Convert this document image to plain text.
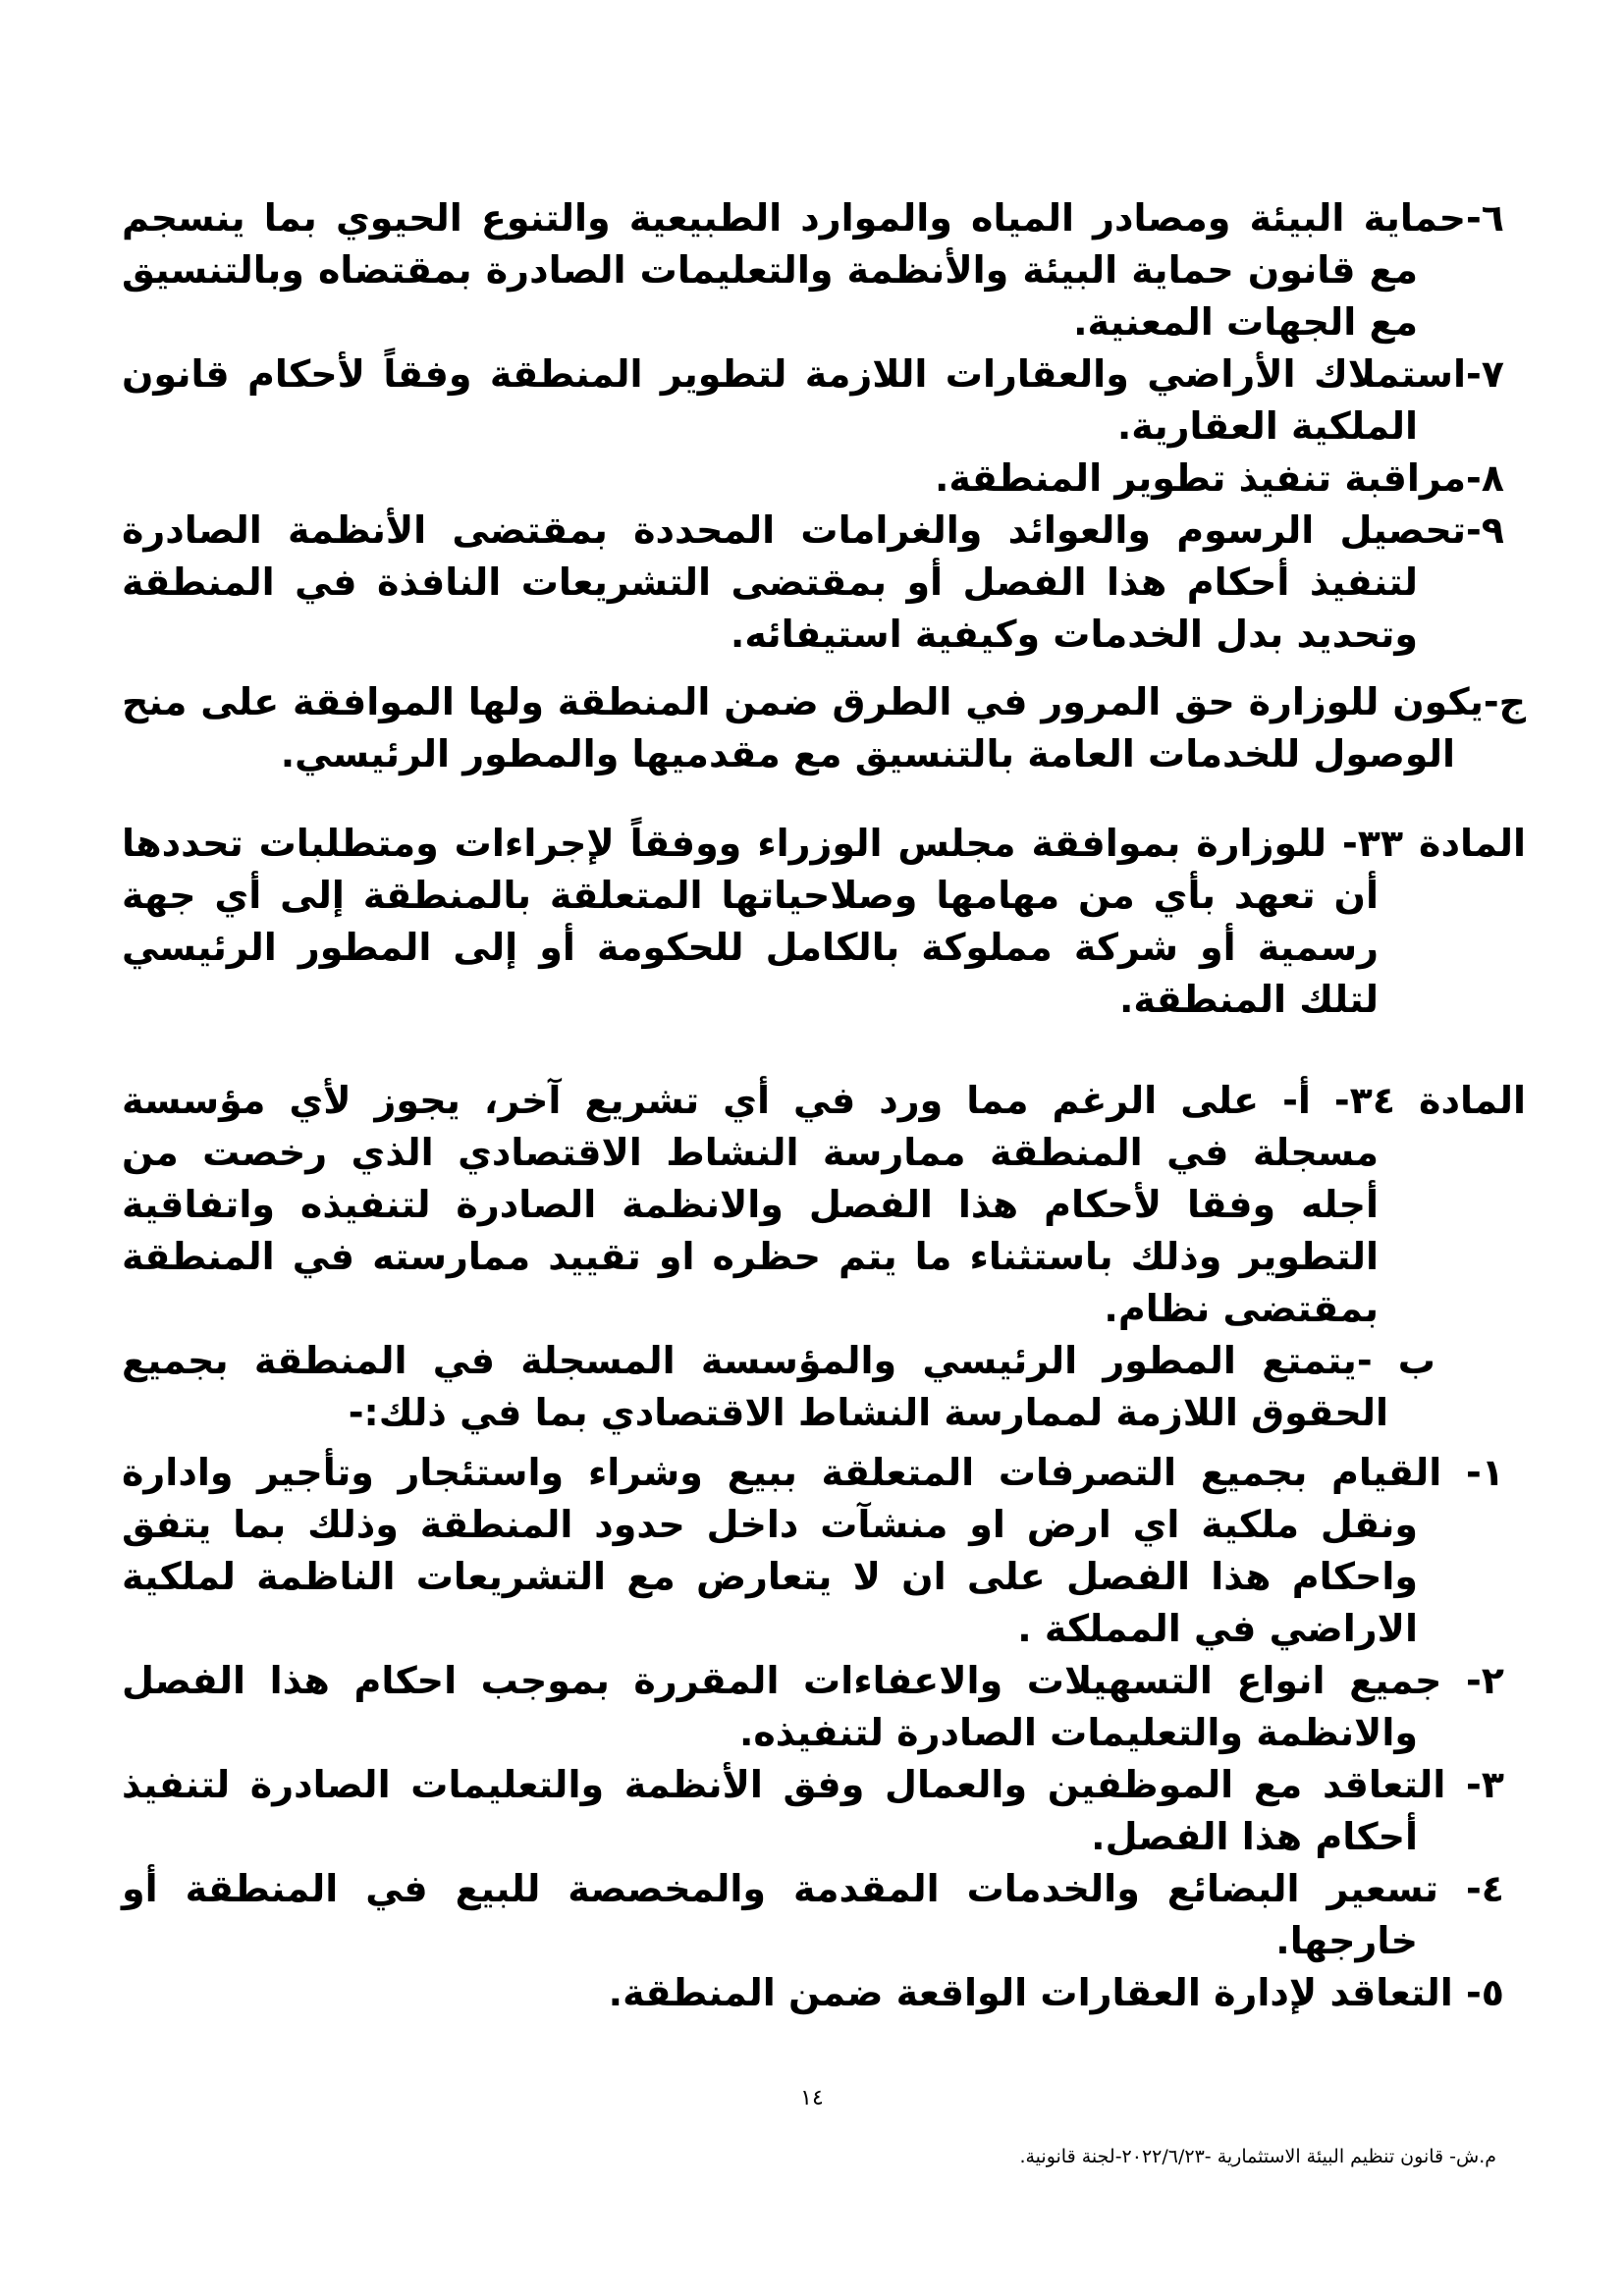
٦-حماية البيئة ومصادر المياه والموارد الطبيعية والتنوع الحيوي بما ينسجم مع قانون حماية البيئة والأنظمة والتعليمات الصادرة بمقتضاه وبالتنسيق مع الجهات المعنية.

٧-استملاك الأراضي والعقارات اللازمة لتطوير المنطقة وفقاً لأحكام قانون الملكية العقارية.

٨-مراقبة تنفيذ تطوير المنطقة.

٩-تحصيل الرسوم والعوائد والغرامات المحددة بمقتضى الأنظمة الصادرة لتنفيذ أحكام هذا الفصل أو بمقتضى التشريعات النافذة في المنطقة وتحديد بدل الخدمات وكيفية استيفائه.

ج-يكون للوزارة حق المرور في الطرق ضمن المنطقة ولها الموافقة على منح الوصول للخدمات العامة بالتنسيق مع مقدميها والمطور الرئيسي.

المادة ٣٣- للوزارة بموافقة مجلس الوزراء ووفقاً لإجراءات ومتطلبات تحددها أن تعهد بأي من مهامها وصلاحياتها المتعلقة بالمنطقة إلى أي جهة رسمية أو شركة مملوكة بالكامل للحكومة أو إلى المطور الرئيسي لتلك المنطقة.

المادة ٣٤- أ- على الرغم مما ورد في أي تشريع آخر، يجوز لأي مؤسسة مسجلة في المنطقة ممارسة النشاط الاقتصادي الذي رخصت من أجله وفقا لأحكام هذا الفصل والانظمة الصادرة لتنفيذه واتفاقية التطوير وذلك باستثناء ما يتم حظره او تقييد ممارسته في المنطقة بمقتضى نظام.

ب -يتمتع المطور الرئيسي والمؤسسة المسجلة في المنطقة بجميع الحقوق اللازمة لممارسة النشاط الاقتصادي بما في ذلك:-

١- القيام بجميع التصرفات المتعلقة ببيع وشراء واستئجار وتأجير وادارة ونقل ملكية اي ارض او منشآت داخل حدود المنطقة وذلك بما يتفق واحكام هذا الفصل على ان لا يتعارض مع التشريعات الناظمة لملكية الاراضي في المملكة .

٢- جميع انواع التسهيلات والاعفاءات المقررة بموجب احكام هذا الفصل والانظمة والتعليمات الصادرة لتنفيذه.

٣- التعاقد مع الموظفين والعمال وفق الأنظمة والتعليمات الصادرة لتنفيذ أحكام هذا الفصل.

٤- تسعير البضائع والخدمات المقدمة والمخصصة للبيع في المنطقة أو خارجها.

٥- التعاقد لإدارة العقارات الواقعة ضمن المنطقة.

١٤
م.ش- قانون تنظيم البيئة الاستثمارية -٢٠٢٢/٦/٢٣-لجنة قانونية.
